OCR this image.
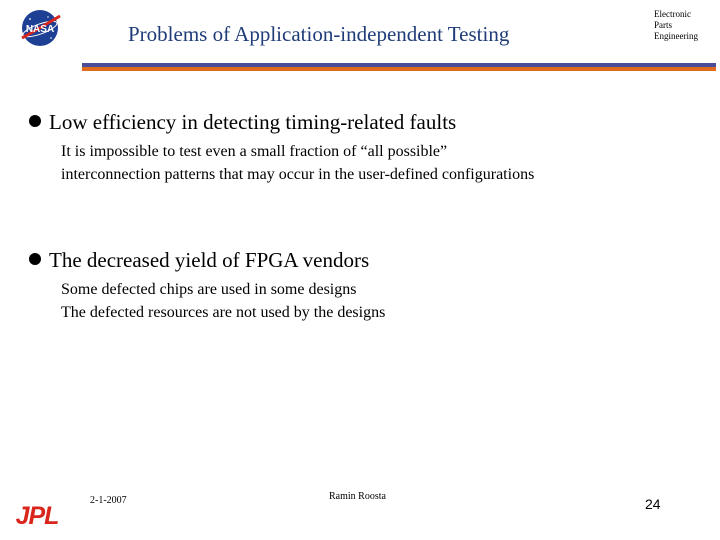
NASA	Problems of Application-independent Testing
Electronic
Parts
Engineering
Low efficiency in detecting timing-related faults
It is impossible to test even a small fraction of “all possible”
interconnection patterns that may occur in the user-defined configurations
The decreased yield of FPGA vendors
Some defected chips are used in some designs
The defected resources are not used by the designs
JPL
2-1-2007	Ramin Roosta	24
